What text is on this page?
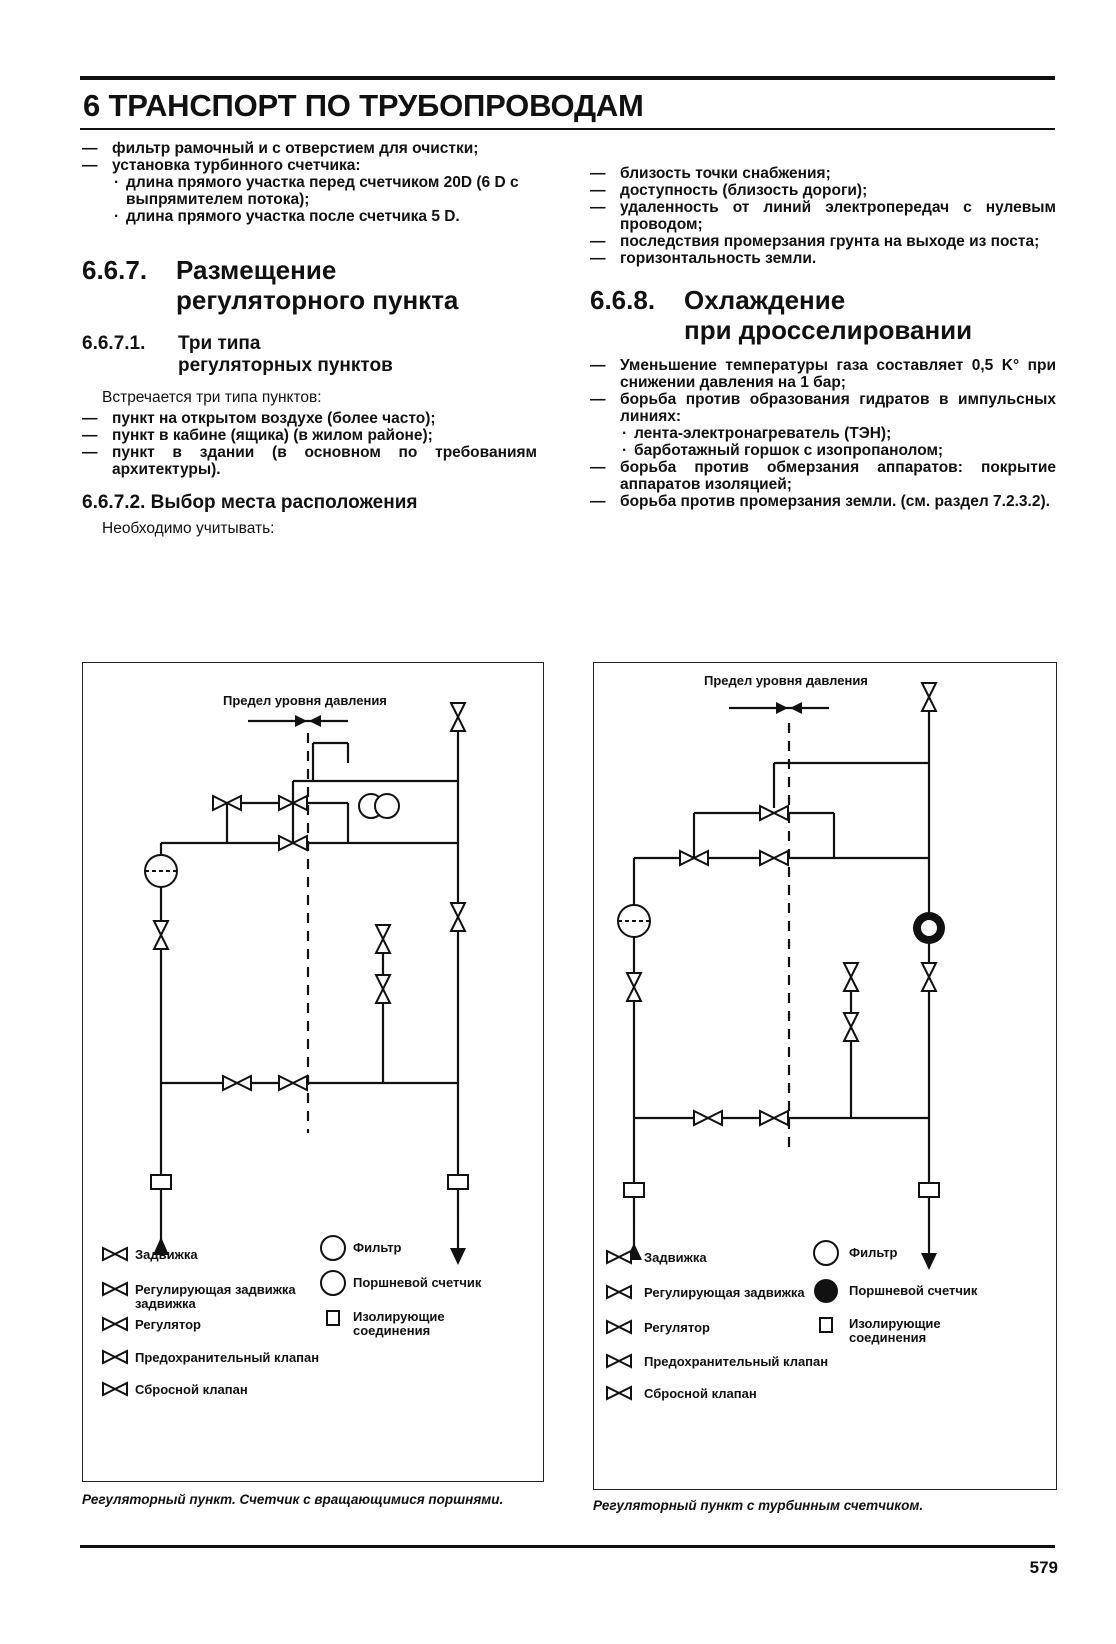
6 ТРАНСПОРТ ПО ТРУБОПРОВОДАМ

— фильтр рамочный и с отверстием для очистки;

— установка турбинного счетчика:

· длина прямого участка перед счетчиком 20D (6 D с выпрямителем потока);

· длина прямого участка после счетчика 5 D.

6.6.7. Размещение
регуляторного пункта
6.6.7.1. Три типа
регуляторных пунктов

Встречается три типа пунктов:

— пункт на открытом воздухе (более часто);

— пункт в кабине (ящика) (в жилом районе);

— пункт в здании (в основном по требованиям архитектуры).

6.6.7.2. Выбор места расположения

Необходимо учитывать:

— близость точки снабжения;

— доступность (близость дороги);

— удаленность от линий электропередач с нулевым проводом;

— последствия промерзания грунта на выходе из поста;

— горизонтальность земли.

6.6.8. Охлаждение
при дросселировании

— Уменьшение температуры газа составляет 0,5 K° при снижении давления на 1 бар;

— борьба против образования гидратов в импульсных линиях:

· лента-электронагреватель (ТЭН);

· барботажный горшок с изопропанолом;

— борьба против обмерзания аппаратов: покрытие аппаратов изоляцией;

— борьба против промерзания земли. (см. раздел 7.2.3.2).

Предел уровня давления
Задвижка
Регулирующая задвижка
задвижка
Регулятор
Предохранительный клапан
Сбросной клапан
Фильтр
Поршневой счетчик
Изолирующие соединения
Регуляторный пункт. Счетчик с вращающимися поршнями.
Предел уровня давления
Задвижка
Регулирующая задвижка
Регулятор
Предохранительный клапан
Сбросной клапан
Фильтр
Поршневой счетчик
Изолирующие соединения
Регуляторный пункт с турбинным счетчиком.
579
